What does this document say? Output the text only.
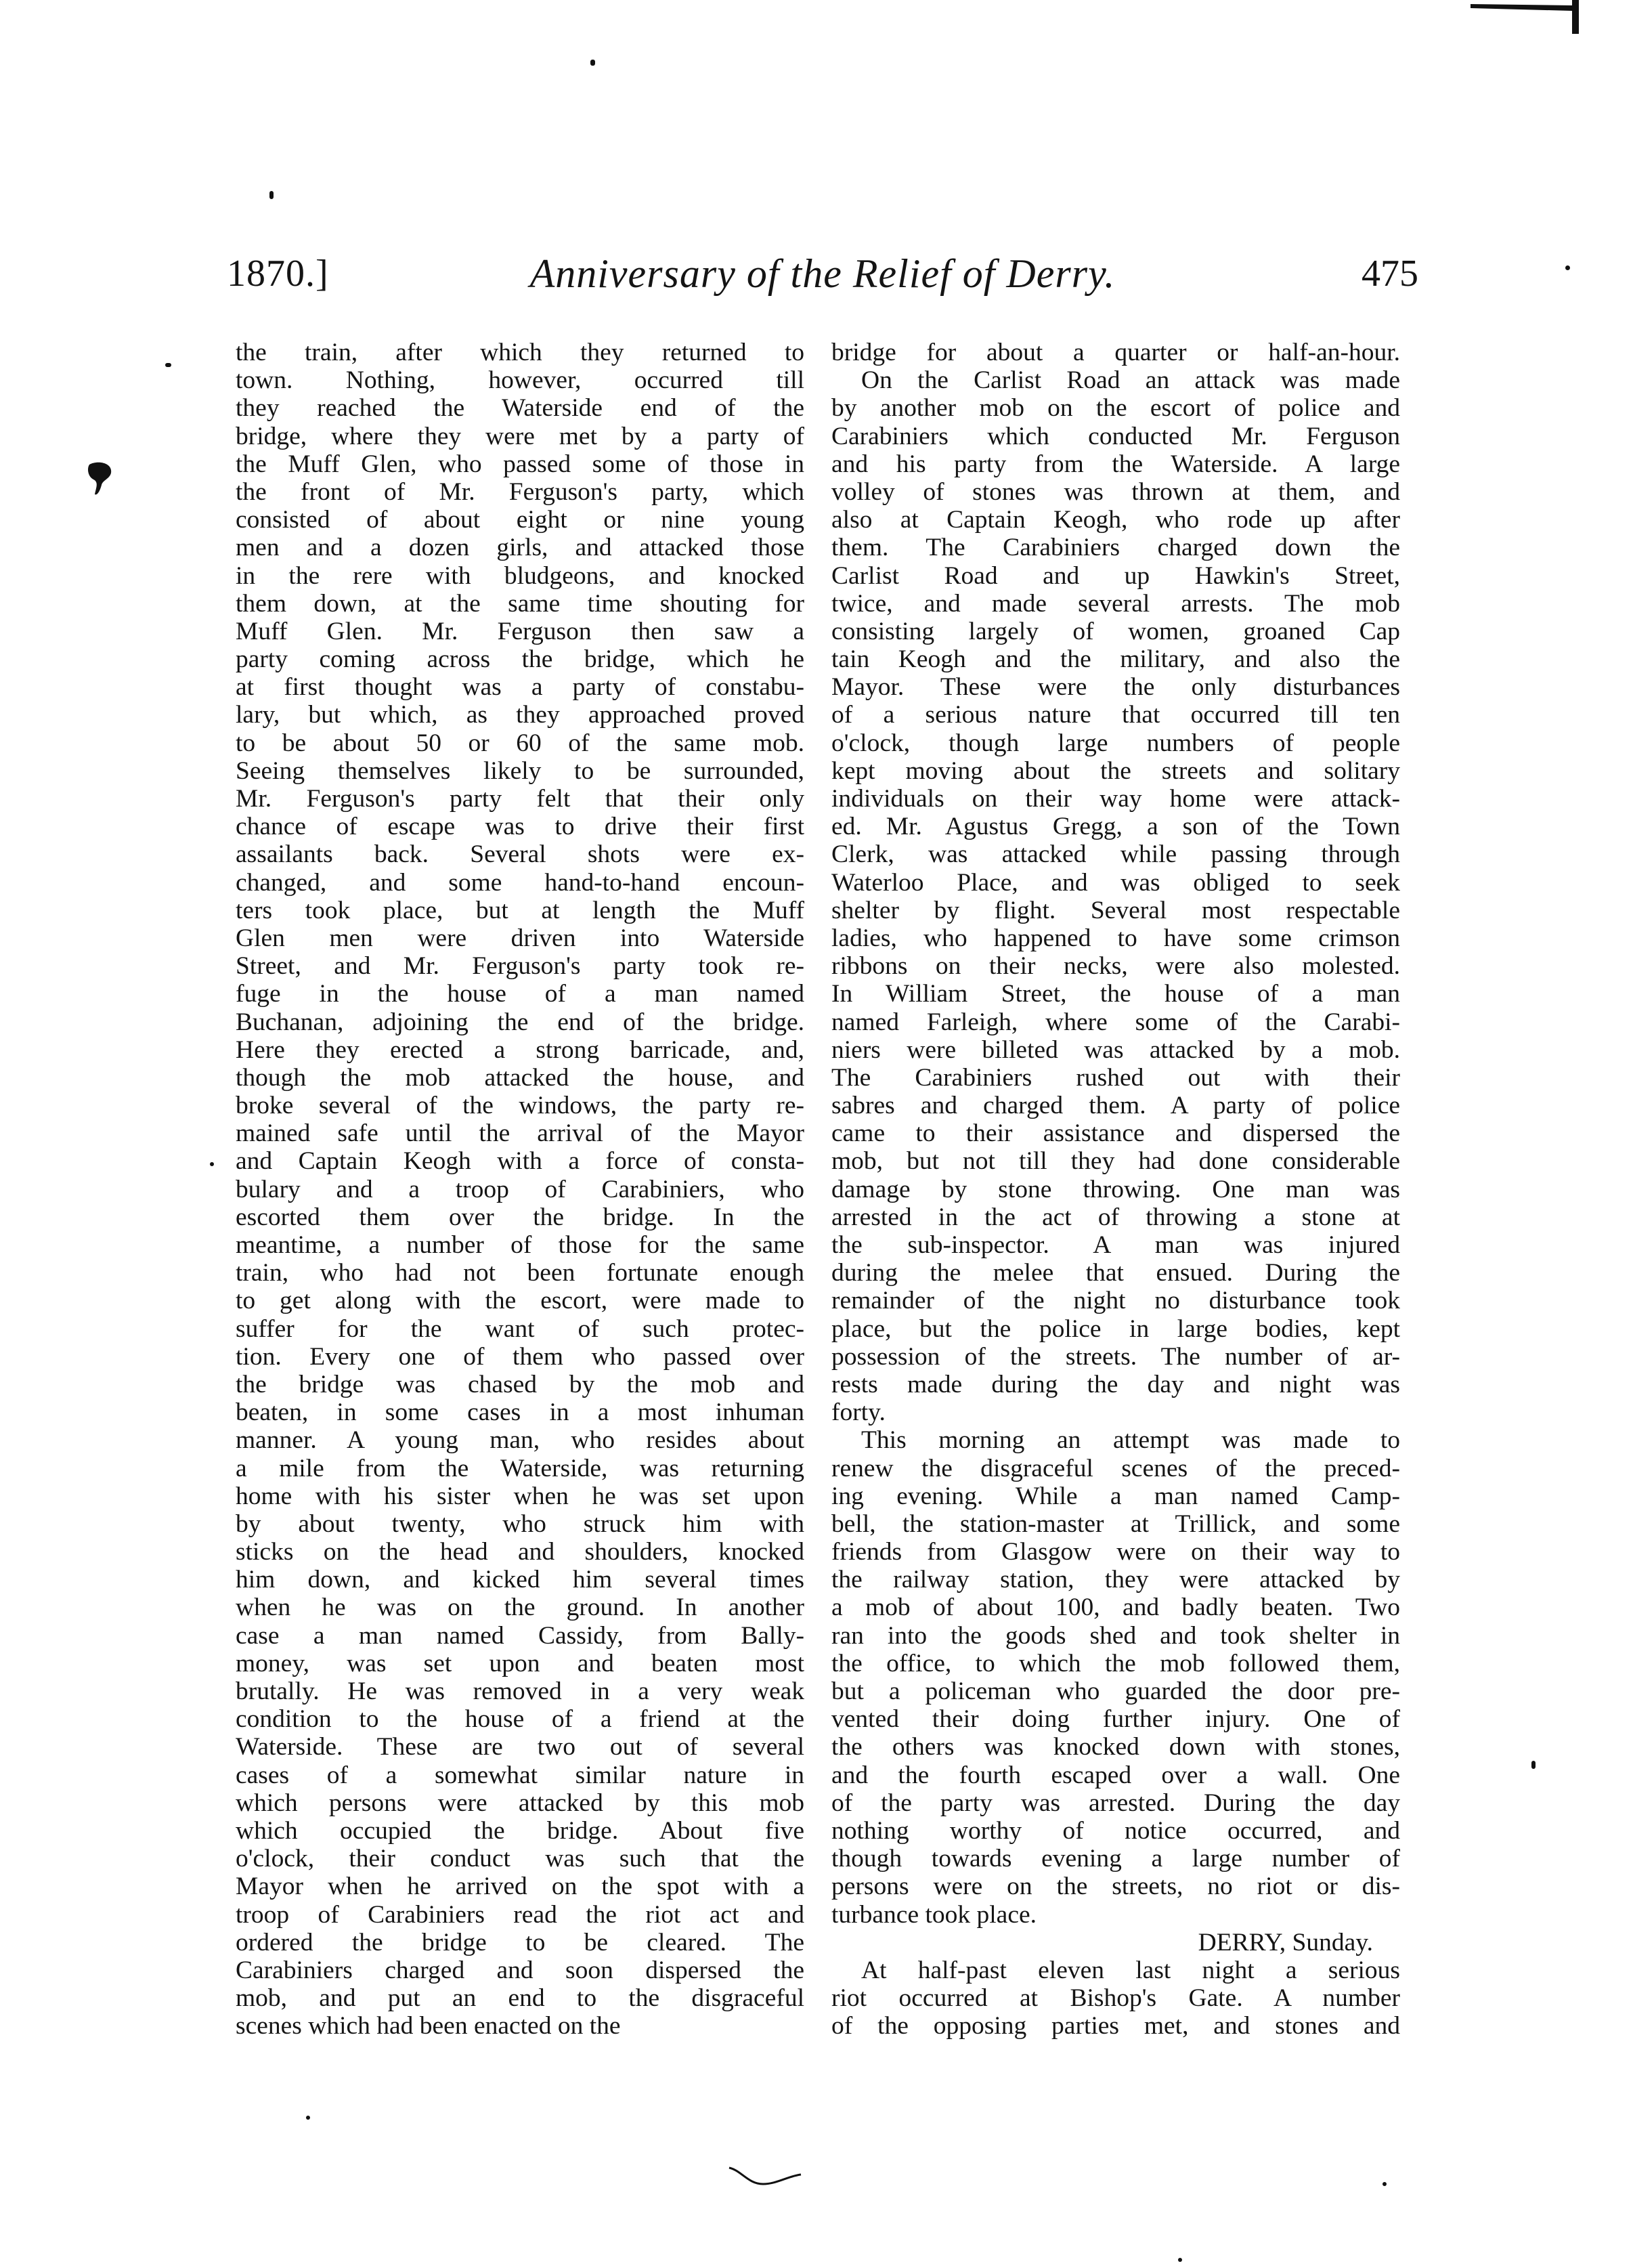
1870.]	Anniversary of the Relief of Derry.	475
the train, after which they returned to
town. Nothing, however, occurred till
they reached the Waterside end of the
bridge, where they were met by a party of
the Muff Glen, who passed some of those in
the front of Mr. Ferguson's party, which
consisted of about eight or nine young
men and a dozen girls, and attacked those
in the rere with bludgeons, and knocked
them down, at the same time shouting for
Muff Glen. Mr. Ferguson then saw a
party coming across the bridge, which he
at first thought was a party of constabu-
lary, but which, as they approached proved
to be about 50 or 60 of the same mob.
Seeing themselves likely to be surrounded,
Mr. Ferguson's party felt that their only
chance of escape was to drive their first
assailants back. Several shots were ex-
changed, and some hand-to-hand encoun-
ters took place, but at length the Muff
Glen men were driven into Waterside
Street, and Mr. Ferguson's party took re-
fuge in the house of a man named
Buchanan, adjoining the end of the bridge.
Here they erected a strong barricade, and,
though the mob attacked the house, and
broke several of the windows, the party re-
mained safe until the arrival of the Mayor
and Captain Keogh with a force of consta-
bulary and a troop of Carabiniers, who
escorted them over the bridge. In the
meantime, a number of those for the same
train, who had not been fortunate enough
to get along with the escort, were made to
suffer for the want of such protec-
tion. Every one of them who passed over
the bridge was chased by the mob and
beaten, in some cases in a most inhuman
manner. A young man, who resides about
a mile from the Waterside, was returning
home with his sister when he was set upon
by about twenty, who struck him with
sticks on the head and shoulders, knocked
him down, and kicked him several times
when he was on the ground. In another
case a man named Cassidy, from Bally-
money, was set upon and beaten most
brutally. He was removed in a very weak
condition to the house of a friend at the
Waterside. These are two out of several
cases of a somewhat similar nature in
which persons were attacked by this mob
which occupied the bridge. About five
o'clock, their conduct was such that the
Mayor when he arrived on the spot with a
troop of Carabiniers read the riot act and
ordered the bridge to be cleared. The
Carabiniers charged and soon dispersed the
mob, and put an end to the disgraceful
scenes which had been enacted on the
bridge for about a quarter or half-an-hour.
On the Carlist Road an attack was made
by another mob on the escort of police and
Carabiniers which conducted Mr. Ferguson
and his party from the Waterside. A large
volley of stones was thrown at them, and
also at Captain Keogh, who rode up after
them. The Carabiniers charged down the
Carlist Road and up Hawkin's Street,
twice, and made several arrests. The mob
consisting largely of women, groaned Cap
tain Keogh and the military, and also the
Mayor. These were the only disturbances
of a serious nature that occurred till ten
o'clock, though large numbers of people
kept moving about the streets and solitary
individuals on their way home were attack-
ed. Mr. Agustus Gregg, a son of the Town
Clerk, was attacked while passing through
Waterloo Place, and was obliged to seek
shelter by flight. Several most respectable
ladies, who happened to have some crimson
ribbons on their necks, were also molested.
In William Street, the house of a man
named Farleigh, where some of the Carabi-
niers were billeted was attacked by a mob.
The Carabiniers rushed out with their
sabres and charged them. A party of police
came to their assistance and dispersed the
mob, but not till they had done considerable
damage by stone throwing. One man was
arrested in the act of throwing a stone at
the sub-inspector. A man was injured
during the melee that ensued. During the
remainder of the night no disturbance took
place, but the police in large bodies, kept
possession of the streets. The number of ar-
rests made during the day and night was
forty.
This morning an attempt was made to
renew the disgraceful scenes of the preced-
ing evening. While a man named Camp-
bell, the station-master at Trillick, and some
friends from Glasgow were on their way to
the railway station, they were attacked by
a mob of about 100, and badly beaten. Two
ran into the goods shed and took shelter in
the office, to which the mob followed them,
but a policeman who guarded the door pre-
vented their doing further injury. One of
the others was knocked down with stones,
and the fourth escaped over a wall. One
of the party was arrested. During the day
nothing worthy of notice occurred, and
though towards evening a large number of
persons were on the streets, no riot or dis-
turbance took place.
DERRY, Sunday.
At half-past eleven last night a serious
riot occurred at Bishop's Gate. A number
of the opposing parties met, and stones and
